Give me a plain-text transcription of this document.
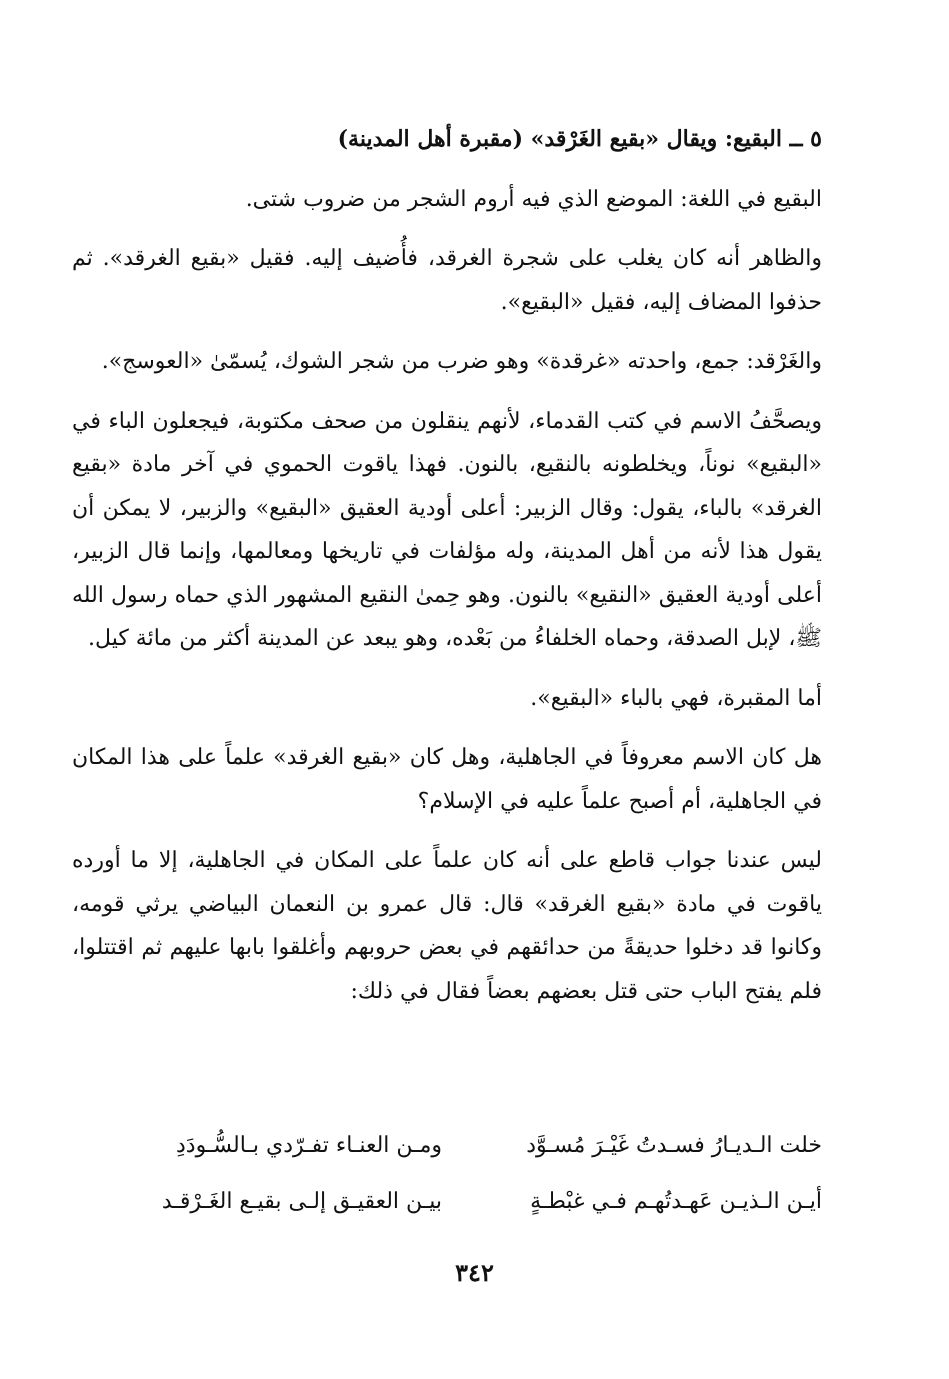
٥ ــ البقيع: ويقال «بقيع الغَرْقد» (مقبرة أهل المدينة)

البقيع في اللغة: الموضع الذي فيه أروم الشجر من ضروب شتى.

والظاهر أنه كان يغلب على شجرة الغرقد، فأُضيف إليه. فقيل «بقيع الغرقد». ثم حذفوا المضاف إليه، فقيل «البقيع».

والغَرْقد: جمع، واحدته «غرقدة» وهو ضرب من شجر الشوك، يُسمّىٰ «العوسج».

ويصحَّفُ الاسم في كتب القدماء، لأنهم ينقلون من صحف مكتوبة، فيجعلون الباء في «البقيع» نوناً، ويخلطونه بالنقيع، بالنون. فهذا ياقوت الحموي في آخر مادة «بقيع الغرقد» بالباء، يقول: وقال الزبير: أعلى أودية العقيق «البقيع» والزبير، لا يمكن أن يقول هذا لأنه من أهل المدينة، وله مؤلفات في تاريخها ومعالمها، وإنما قال الزبير، أعلى أودية العقيق «النقيع» بالنون. وهو حِمىٰ النقيع المشهور الذي حماه رسول الله ﷺ، لإبل الصدقة، وحماه الخلفاءُ من بَعْده، وهو يبعد عن المدينة أكثر من مائة كيل.

أما المقبرة، فهي بالباء «البقيع».

هل كان الاسم معروفاً في الجاهلية، وهل كان «بقيع الغرقد» علماً على هذا المكان في الجاهلية، أم أصبح علماً عليه في الإسلام؟

ليس عندنا جواب قاطع على أنه كان علماً على المكان في الجاهلية، إلا ما أورده ياقوت في مادة «بقيع الغرقد» قال: قال عمرو بن النعمان البياضي يرثي قومه، وكانوا قد دخلوا حديقةً من حدائقهم في بعض حروبهم وأغلقوا بابها عليهم ثم اقتتلوا، فلم يفتح الباب حتى قتل بعضهم بعضاً فقال في ذلك:

خلت الـديـارُ فسـدتُ غَيْـرَ مُسـوَّد
ومـن العنـاء تفـرّدي بـالسُّـودَدِ
أيـن الـذيـن عَهـدتُهـم فـي غبْطـةٍ
بيـن العقيـق إلـى بقيـع الغَـرْقـد
٣٤٢
